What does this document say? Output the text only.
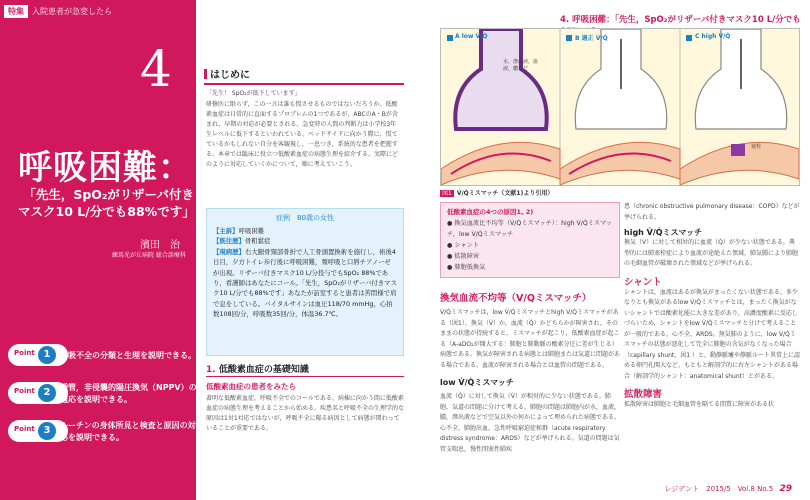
特集	入院患者が急変したら
4
呼吸困難：
「先生，SpO₂がリザーバ付き
マスク10 L/分でも88%です」
Point 1
Point 2
Point 3
濱田　治
練馬光が丘病院 総合診療科
呼吸不全の分類と生理を説明できる。
挿管，非侵襲的陽圧換気（NPPV）の適応を説明できる。
ルーチンの身体所見と検査と原因の対応を説明できる。
28 レジデント　2015/5　Vol.8 No.5
はじめに
「先生！ SpO₂が低下しています」
研修医に限らず，この一言は誰も慌させるものではないだろうか。低酸素血症は日常的に直面するプロブレムの1つであるが，ABCのA・Bが含まれ，早期の対応が必要とされる。急変時の人間の判断力は小学校3年生レベルに低下するといわれている。ベッドサイドに向かう際に，慌てているかもしれない自分を客観視し，一息つき，系統的な患者を把握する。本章では臨床に役立つ低酸素血症の病態生理を紹介する。実際にどのように対応していくかについて，順に考えていこう。
症例　80歳の女性
【主訴】呼吸困難
【既往歴】骨粗鬆症
【現病歴】右大腿骨頸部骨折で人工骨頭置換術を施行し，術後4日目，夕方トイレ歩行後に呼吸困難，頻呼吸と口唇チアノーゼが出現。リザーバ付きマスク10 L/分投与でもSpO₂ 88%であり，看護師はあなたにコール。「先生，SpO₂がリザーバ付きマスク10 L/分でも88%です」あなたが訪室すると患者は苦悶様で肩で息をしている。バイタルサインは血圧118/70 mmHg，心拍数108回/分，呼吸数35回/分，体温36.7℃。
1. 低酸素血症の基礎知識
低酸素血症の患者をみたら
著明な低酸素血症，呼吸不全でのコールである。病棟に向かう間に低酸素血症の病態生理を考えることから始める。疾患名と呼吸不全の生理学的な原因は1対1対応ではないが，呼吸不全に陥る病因として病態が関わっていることが重要である。
4. 呼吸困難：「先生，SpO₂がリザーバ付きマスク10 L/分でも
A low V̇/Q̇	B 適正 V̇/Q̇	C high V̇/Q̇
水，滲出液，血液，膿など
塞栓
図1 V̇/Q̇ミスマッチ（文献1)より引用）
低酸素血症の4つの原因1, 2)
● 換気血流比不均等（V̇/Q̇ミスマッチ）：high V̇/Q̇ミスマッチ，low V̇/Q̇ミスマッチ
● シャント
● 拡散障害
● 肺胞低換気
換気血流不均等（V/Qミスマッチ）
V̇/Q̇ミスマッチは，low V̇/Q̇ミスマッチとhigh V̇/Q̇ミスマッチがある（図1）。換気（V̇）か，血流（Q̇）かどちらかが障害され，そのままの状態が持続すると，ミスマッチが起こり，低酸素血症が起こる（A-aDO₂が開大する：肺胞と肺動脈の酸素分圧に差が生じる）病態である。換気が障害される病態とは肺胞または気道に問題がある場合である。血流が障害される場合とは血管の問題である。
low V̇/Q̇ミスマッチ
血流（Q̇）に対して換気（V̇）が相対的に少ない状態である。肺胞，気道の問題に分けて考える。肺胞の問題は肺胞内が水，血液，膿，滲出液などで空気以外の何かによって埋められた病態である。心不全，肺胞出血，急性呼吸窮迫症候群（acute respiratory distress syndrome：ARDS）などが挙げられる。気道の問題は気管支喘息，慢性閉塞性肺疾
患（chronic obstructive pulmonary disease：COPD）などが挙げられる。
high V̇/Q̇ミスマッチ
換気（V̇）に対して相対的に血流（Q̇）が少ない状態である。典型的には肺塞栓症により血流が途絶えた領域，肺気腫により肺胞の毛細血管が破壊された領域などが挙げられる。
シャント
シャントは，血流はあるが換気がまったくない状態である。多少なりとも換気があるlow V̇/Q̇ミスマッチとは，まったく換気がないシャントでは酸素化能に大きな差があり，高濃度酸素に反応しづらいため，シャントをlow V̇/Q̇ミスマッチと分けて考えることが一般的である。心不全，ARDS，無気肺のように，low V̇/Q̇ミスマッチの状態が悪化して完全に肺胞の含気がなくなった場合（capillary shunt，図1 ）と，動静脈瘻や静脈ルート異常上に認める卵円孔開大など，もともと解剖学的に右左シャントがある場合（解剖学的シャント：anatomical shunt）とがある。
拡散障害
拡散障害は肺胞と毛細血管を隔てる間質に障害がある状
レジデント　2015/5　Vol.8 No.5 29
